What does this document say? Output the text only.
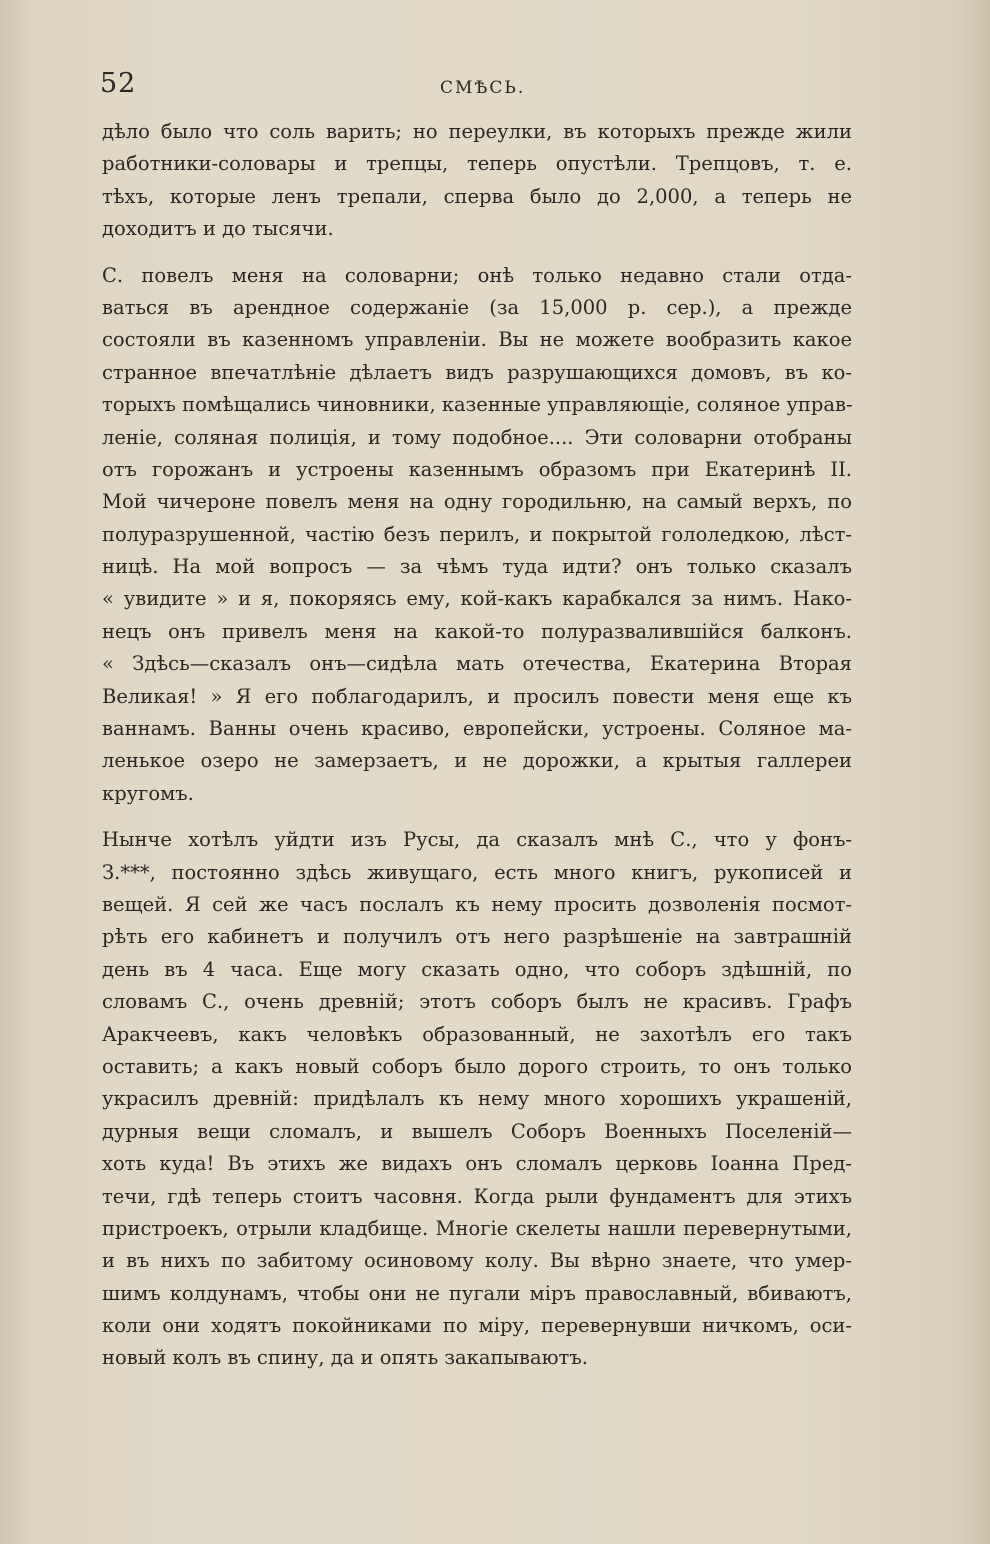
52	СМѢСЬ.
дѣло было что соль варить; но переулки, въ которыхъ прежде жили
работники-соловары и трепцы, теперь опустѣли. Трепцовъ, т. е.
тѣхъ, которые ленъ трепали, сперва было до 2,000, а теперь не
доходитъ и до тысячи.
С. повелъ меня на соловарни; онѣ только недавно стали отда-
ваться въ арендное содержаніе (за 15,000 р. сер.), а прежде
состояли въ казенномъ управленіи. Вы не можете вообразить какое
странное впечатлѣніе дѣлаетъ видъ разрушающихся домовъ, въ ко-
торыхъ помѣщались чиновники, казенные управляющіе, соляное управ-
леніе, соляная полиція, и тому подобное.... Эти соловарни отобраны
отъ горожанъ и устроены казеннымъ образомъ при Екатеринѣ II.
Мой чичероне повелъ меня на одну городильню, на самый верхъ, по
полуразрушенной, частію безъ перилъ, и покрытой гололедкою, лѣст-
ницѣ. На мой вопросъ — за чѣмъ туда идти? онъ только сказалъ
« увидите » и я, покоряясь ему, кой-какъ карабкался за нимъ. Нако-
нецъ онъ привелъ меня на какой-то полуразвалившійся балконъ.
« Здѣсь—сказалъ онъ—сидѣла мать отечества, Екатерина Вторая
Великая! » Я его поблагодарилъ, и просилъ повести меня еще къ
ваннамъ. Ванны очень красиво, европейски, устроены. Соляное ма-
ленькое озеро не замерзаетъ, и не дорожки, а крытыя галлереи
кругомъ.
Нынче хотѣлъ уйдти изъ Русы, да сказалъ мнѣ С., что у фонъ-
З.***, постоянно здѣсь живущаго, есть много книгъ, рукописей и
вещей. Я сей же часъ послалъ къ нему просить дозволенія посмот-
рѣть его кабинетъ и получилъ отъ него разрѣшеніе на завтрашній
день въ 4 часа. Еще могу сказать одно, что соборъ здѣшній, по
словамъ С., очень древній; этотъ соборъ былъ не красивъ. Графъ
Аракчеевъ, какъ человѣкъ образованный, не захотѣлъ его такъ
оставить; а какъ новый соборъ было дорого строить, то онъ только
украсилъ древній: придѣлалъ къ нему много хорошихъ украшеній,
дурныя вещи сломалъ, и вышелъ Соборъ Военныхъ Поселеній—
хоть куда! Въ этихъ же видахъ онъ сломалъ церковь Іоанна Пред-
течи, гдѣ теперь стоитъ часовня. Когда рыли фундаментъ для этихъ
пристроекъ, отрыли кладбище. Многіе скелеты нашли перевернутыми,
и въ нихъ по забитому осиновому колу. Вы вѣрно знаете, что умер-
шимъ колдунамъ, чтобы они не пугали міръ православный, вбиваютъ,
коли они ходятъ покойниками по міру, перевернувши ничкомъ, оси-
новый колъ въ спину, да и опять закапываютъ.
